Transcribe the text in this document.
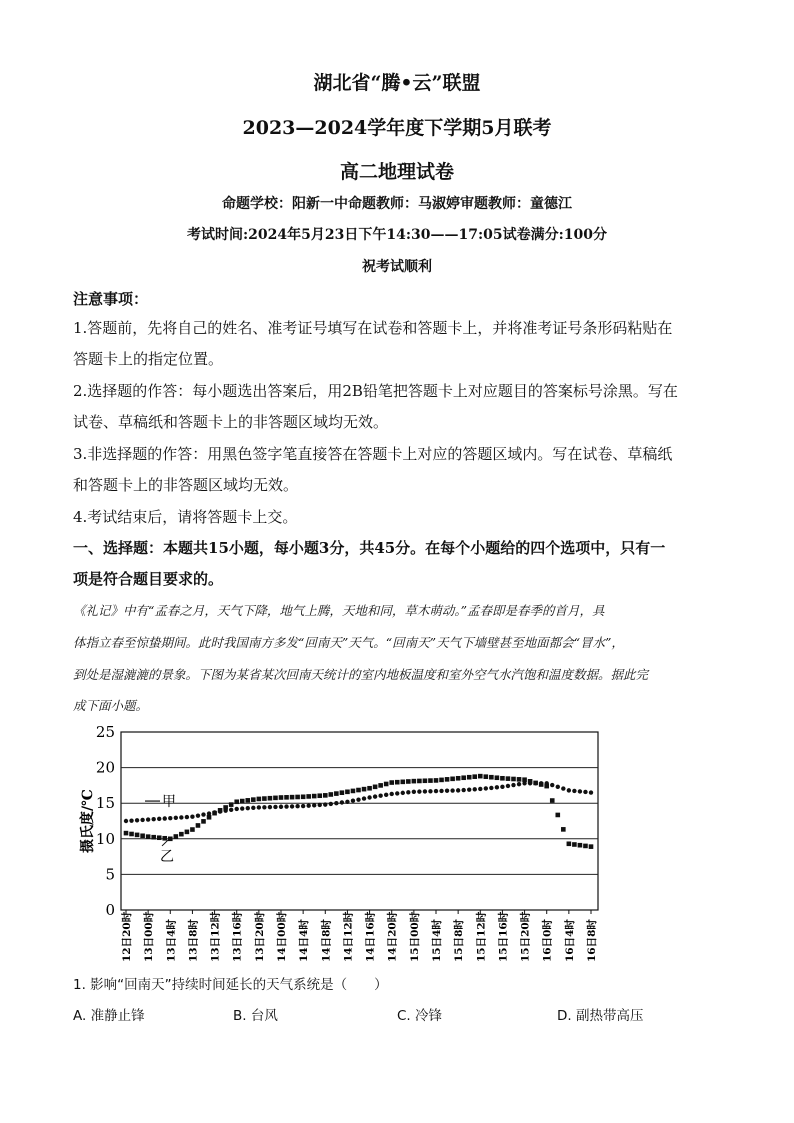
湖北省“腾•云”联盟
2023—2024学年度下学期5月联考
高二地理试卷
命题学校：阳新一中命题教师：马淑婷审题教师：童德江
考试时间:2024年5月23日下午14:30——17:05试卷满分:100分
祝考试顺利
注意事项：
1.答题前，先将自己的姓名、准考证号填写在试卷和答题卡上，并将准考证号条形码粘贴在
答题卡上的指定位置。
2.选择题的作答：每小题选出答案后，用2B铅笔把答题卡上对应题目的答案标号涂黑。写在
试卷、草稿纸和答题卡上的非答题区域均无效。
3.非选择题的作答：用黑色签字笔直接答在答题卡上对应的答题区域内。写在试卷、草稿纸
和答题卡上的非答题区域均无效。
4.考试结束后，请将答题卡上交。
一、选择题：本题共15小题，每小题3分，共45分。在每个小题给的四个选项中，只有一
项是符合题目要求的。
《礼记》中有“孟春之月，天气下降，地气上腾，天地和同，草木萌动。”孟春即是春季的首月，具
体指立春至惊蛰期间。此时我国南方多发“回南天”天气。“回南天”天气下墙壁甚至地面都会“冒水”，
到处是湿漉漉的景象。下图为某省某次回南天统计的室内地板温度和室外空气水汽饱和温度数据。据此完
成下面小题。
0
5
10
15
20
25
12日20时 13日00时 13日4时 13日8时 13日12时 13日16时 13日20时 14日00时 14日4时 14日8时 14日12时 14日16时 14日20时 15日00时 15日4时 15日8时 15日12时 15日16时 15日20时 16日0时 16日4时 16日8时
摄氏度/℃	甲
乙
1. 影响“回南天”持续时间延长的天气系统是（　　）
A. 准静止锋	B. 台风	C. 冷锋	D. 副热带高压
